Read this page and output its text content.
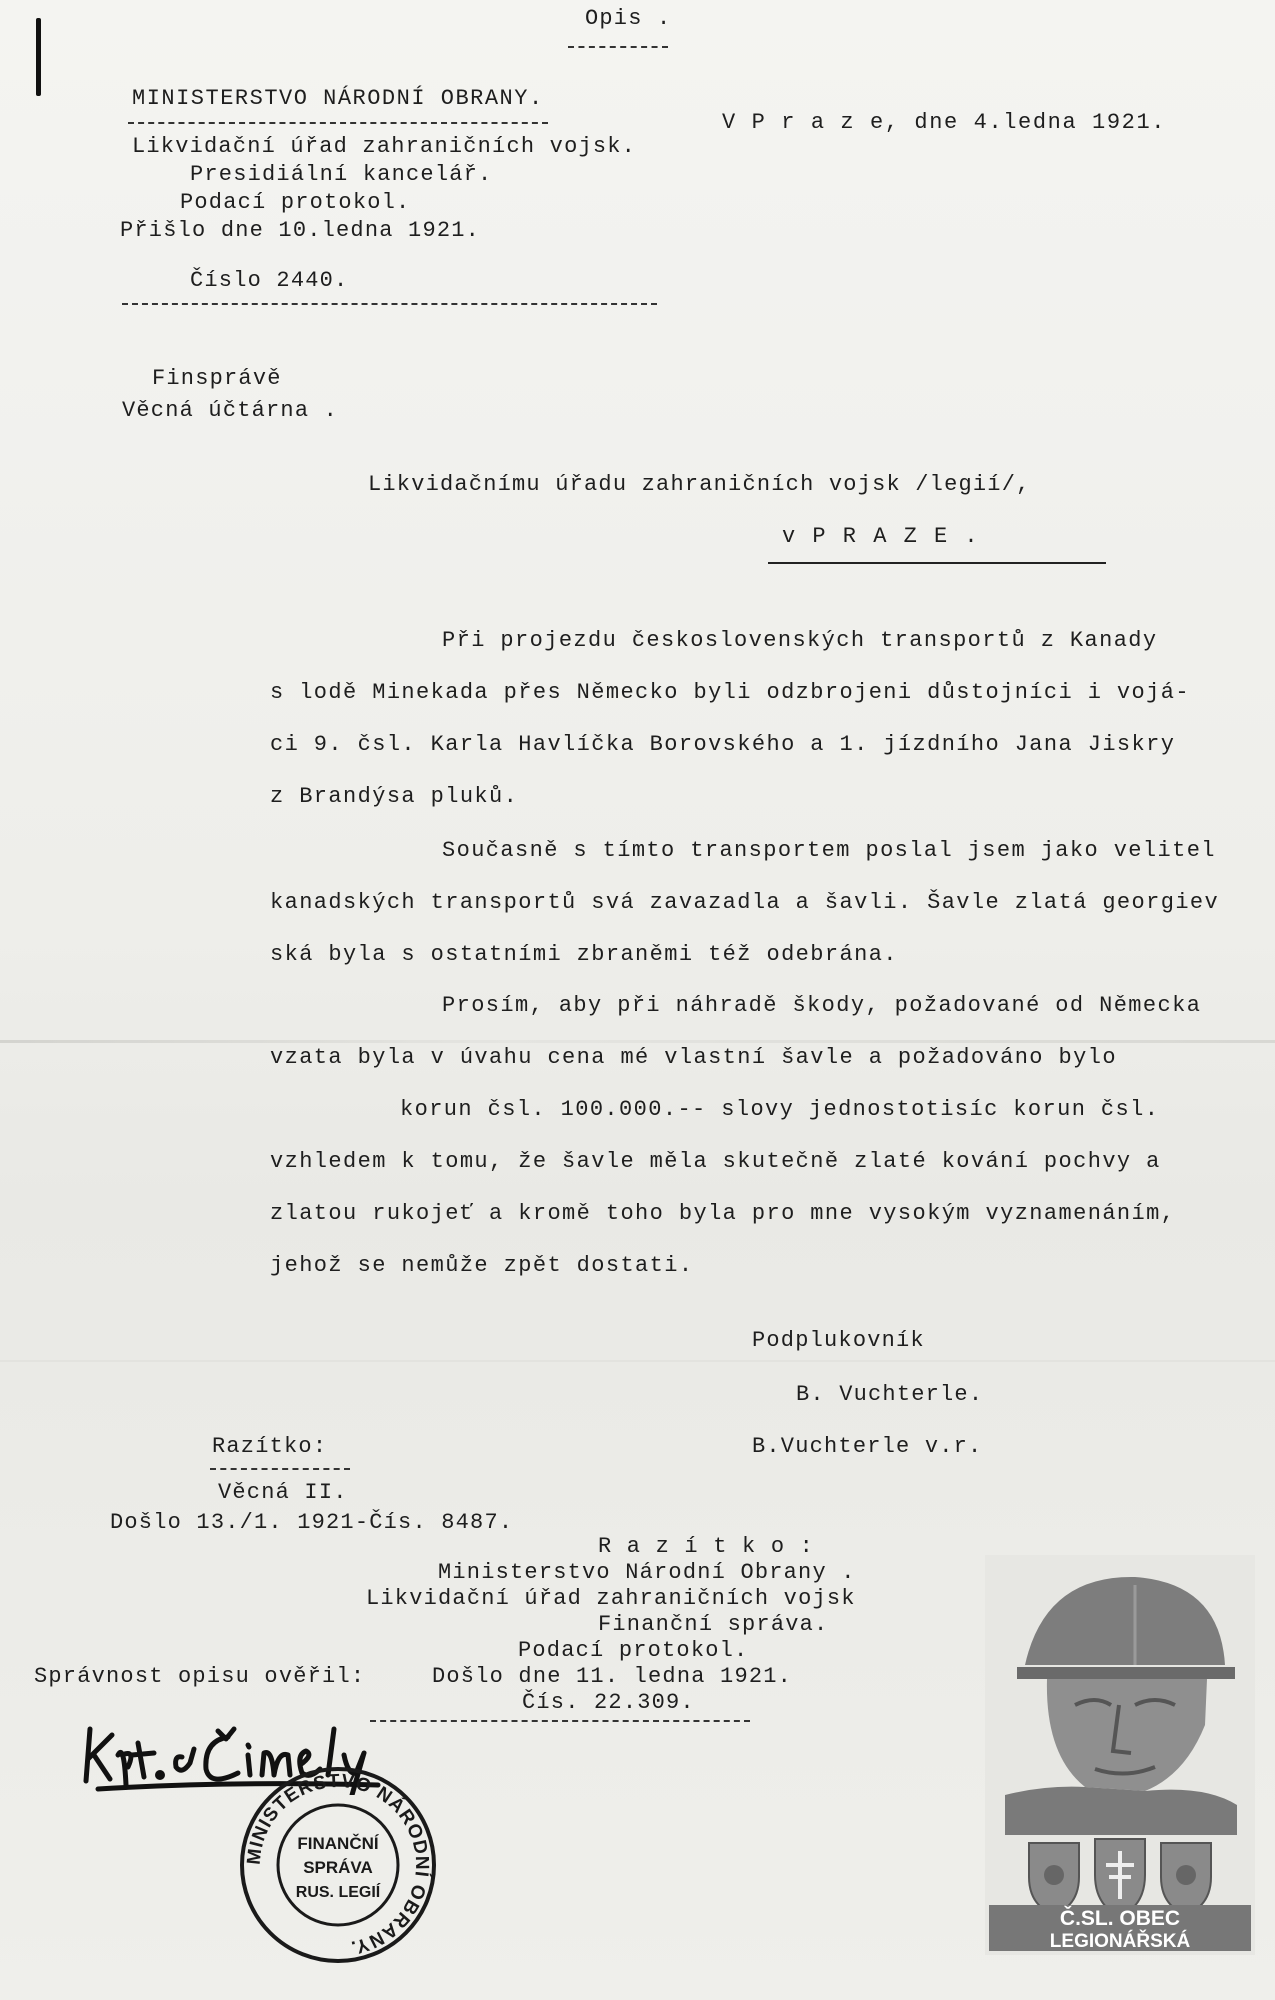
Opis .
MINISTERSTVO NÁRODNÍ OBRANY.
V P r a z e, dne 4.ledna 1921.
Likvidační úřad zahraničních vojsk.
Presidiální kancelář.
Podací protokol.
Přišlo dne 10.ledna 1921.
Číslo 2440.
Finsprávě
Věcná účtárna .
Likvidačnímu úřadu zahraničních vojsk /legií/,
v P R A Z E .
Při projezdu československých transportů z Kanady
s lodě Minekada přes Německo byli odzbrojeni důstojníci i vojá-
ci 9. čsl. Karla Havlíčka Borovského a 1. jízdního Jana Jiskry
z Brandýsa pluků.
Současně s tímto transportem poslal jsem jako velitel
kanadských transportů svá zavazadla a šavli. Šavle zlatá georgiev
ská byla s ostatními zbraněmi též odebrána.
Prosím, aby při náhradě škody, požadované od Německa
vzata byla v úvahu cena mé vlastní šavle a požadováno bylo
korun čsl. 100.000.-- slovy jednostotisíc korun čsl.
vzhledem k tomu, že šavle měla skutečně zlaté kování pochvy a
zlatou rukojeť a kromě toho byla pro mne vysokým vyznamenáním,
jehož se nemůže zpět dostati.
Podplukovník
B. Vuchterle.
B.Vuchterle v.r.
Razítko:
Věcná II.
Došlo 13./1. 1921-Čís. 8487.
R a z í t k o :
Ministerstvo Národní Obrany .
Likvidační úřad zahraničních vojsk
Finanční správa.
Podací protokol.
Došlo dne 11. ledna 1921.
Čís. 22.309.
Správnost opisu ověřil:
MINISTERSTVO NÁRODNÍ OBRANY.
FINANČNÍ
SPRÁVA
RUS. LEGIÍ
Č.SL. OBEC
LEGIONÁŘSKÁ
